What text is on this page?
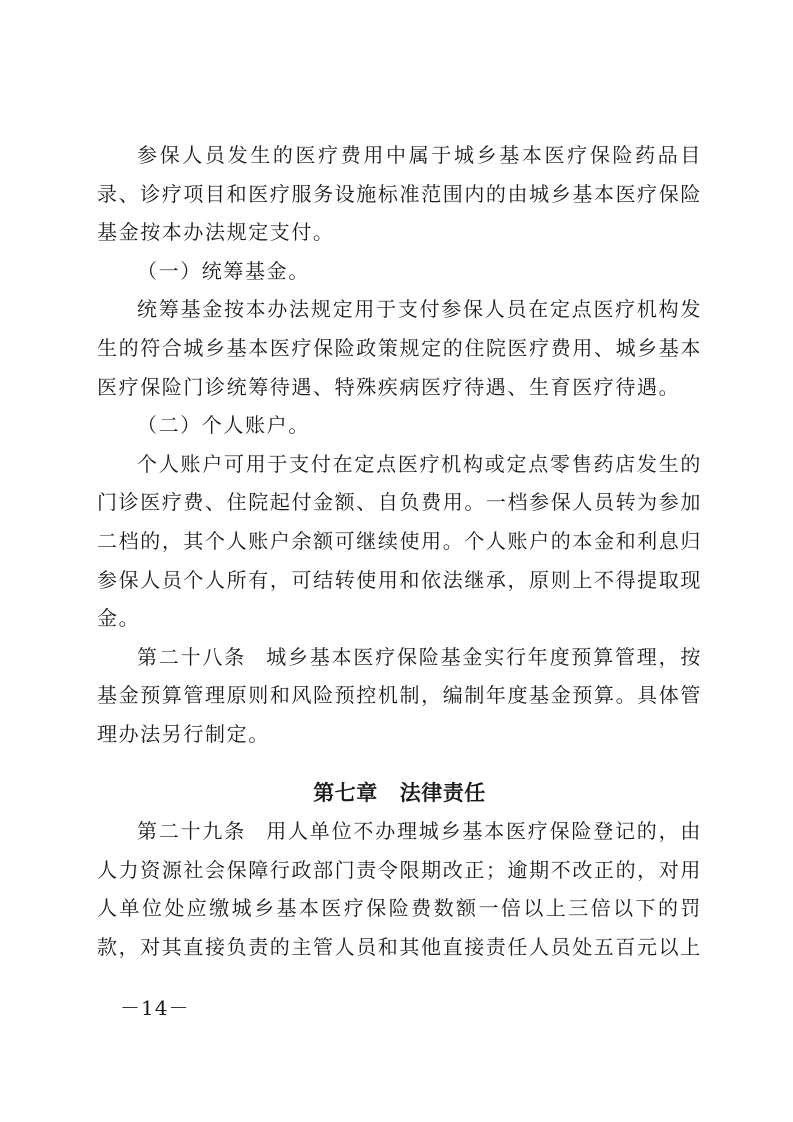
参保人员发生的医疗费用中属于城乡基本医疗保险药品目录、诊疗项目和医疗服务设施标准范围内的由城乡基本医疗保险基金按本办法规定支付。

（一）统筹基金。

统筹基金按本办法规定用于支付参保人员在定点医疗机构发生的符合城乡基本医疗保险政策规定的住院医疗费用、城乡基本医疗保险门诊统筹待遇、特殊疾病医疗待遇、生育医疗待遇。

（二）个人账户。

个人账户可用于支付在定点医疗机构或定点零售药店发生的门诊医疗费、住院起付金额、自负费用。一档参保人员转为参加二档的，其个人账户余额可继续使用。个人账户的本金和利息归参保人员个人所有，可结转使用和依法继承，原则上不得提取现金。

第二十八条 城乡基本医疗保险基金实行年度预算管理，按基金预算管理原则和风险预控机制，编制年度基金预算。具体管理办法另行制定。

第七章 法律责任

第二十九条 用人单位不办理城乡基本医疗保险登记的，由人力资源社会保障行政部门责令限期改正；逾期不改正的，对用人单位处应缴城乡基本医疗保险费数额一倍以上三倍以下的罚款，对其直接负责的主管人员和其他直接责任人员处五百元以上

－14－
